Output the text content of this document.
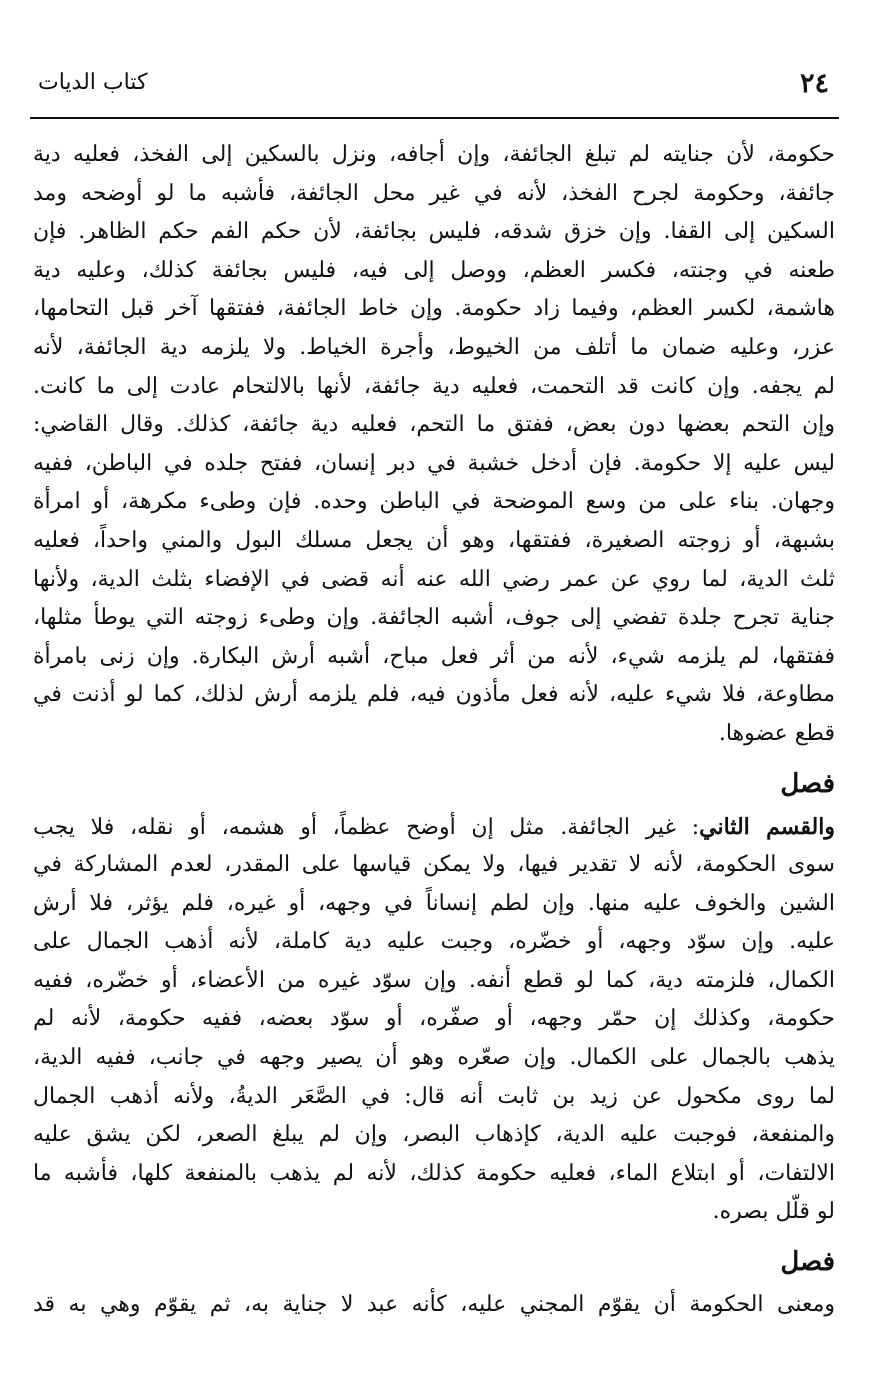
٢٤
كتاب الديات
حكومة، لأن جنايته لم تبلغ الجائفة، وإن أجافه، ونزل بالسكين إلى الفخذ، فعليه دية
جائفة، وحكومة لجرح الفخذ، لأنه في غير محل الجائفة، فأشبه ما لو أوضحه ومد
السكين إلى القفا. وإن خزق شدقه، فليس بجائفة، لأن حكم الفم حكم الظاهر. فإن
طعنه في وجنته، فكسر العظم، ووصل إلى فيه، فليس بجائفة كذلك، وعليه دية
هاشمة، لكسر العظم، وفيما زاد حكومة. وإن خاط الجائفة، ففتقها آخر قبل التحامها،
عزر، وعليه ضمان ما أتلف من الخيوط، وأجرة الخياط. ولا يلزمه دية الجائفة، لأنه
لم يجفه. وإن كانت قد التحمت، فعليه دية جائفة، لأنها بالالتحام عادت إلى ما كانت.
وإن التحم بعضها دون بعض، ففتق ما التحم، فعليه دية جائفة، كذلك. وقال القاضي:
ليس عليه إلا حكومة. فإن أدخل خشبة في دبر إنسان، ففتح جلده في الباطن، ففيه
وجهان. بناء على من وسع الموضحة في الباطن وحده. فإن وطىء مكرهة، أو امرأة
بشبهة، أو زوجته الصغيرة، ففتقها، وهو أن يجعل مسلك البول والمني واحداً، فعليه
ثلث الدية، لما روي عن عمر رضي الله عنه أنه قضى في الإفضاء بثلث الدية، ولأنها
جناية تجرح جلدة تفضي إلى جوف، أشبه الجائفة. وإن وطىء زوجته التي يوطأ مثلها،
ففتقها، لم يلزمه شيء، لأنه من أثر فعل مباح، أشبه أرش البكارة. وإن زنى بامرأة
مطاوعة، فلا شيء عليه، لأنه فعل مأذون فيه، فلم يلزمه أرش لذلك، كما لو أذنت في
قطع عضوها.
فصل
والقسم الثاني: غير الجائفة. مثل إن أوضح عظماً، أو هشمه، أو نقله، فلا يجب
سوى الحكومة، لأنه لا تقدير فيها، ولا يمكن قياسها على المقدر، لعدم المشاركة في
الشين والخوف عليه منها. وإن لطم إنساناً في وجهه، أو غيره، فلم يؤثر، فلا أرش
عليه. وإن سوّد وجهه، أو خضّره، وجبت عليه دية كاملة، لأنه أذهب الجمال على
الكمال، فلزمته دية، كما لو قطع أنفه. وإن سوّد غيره من الأعضاء، أو خضّره، ففيه
حكومة، وكذلك إن حمّر وجهه، أو صفّره، أو سوّد بعضه، ففيه حكومة، لأنه لم
يذهب بالجمال على الكمال. وإن صعّره وهو أن يصير وجهه في جانب، ففيه الدية،
لما روى مكحول عن زيد بن ثابت أنه قال: في الصَّعَر الديةُ، ولأنه أذهب الجمال
والمنفعة، فوجبت عليه الدية، كإذهاب البصر، وإن لم يبلغ الصعر، لكن يشق عليه
الالتفات، أو ابتلاع الماء، فعليه حكومة كذلك، لأنه لم يذهب بالمنفعة كلها، فأشبه ما
لو قلّل بصره.
فصل
ومعنى الحكومة أن يقوّم المجني عليه، كأنه عبد لا جناية به، ثم يقوّم وهي به قد
